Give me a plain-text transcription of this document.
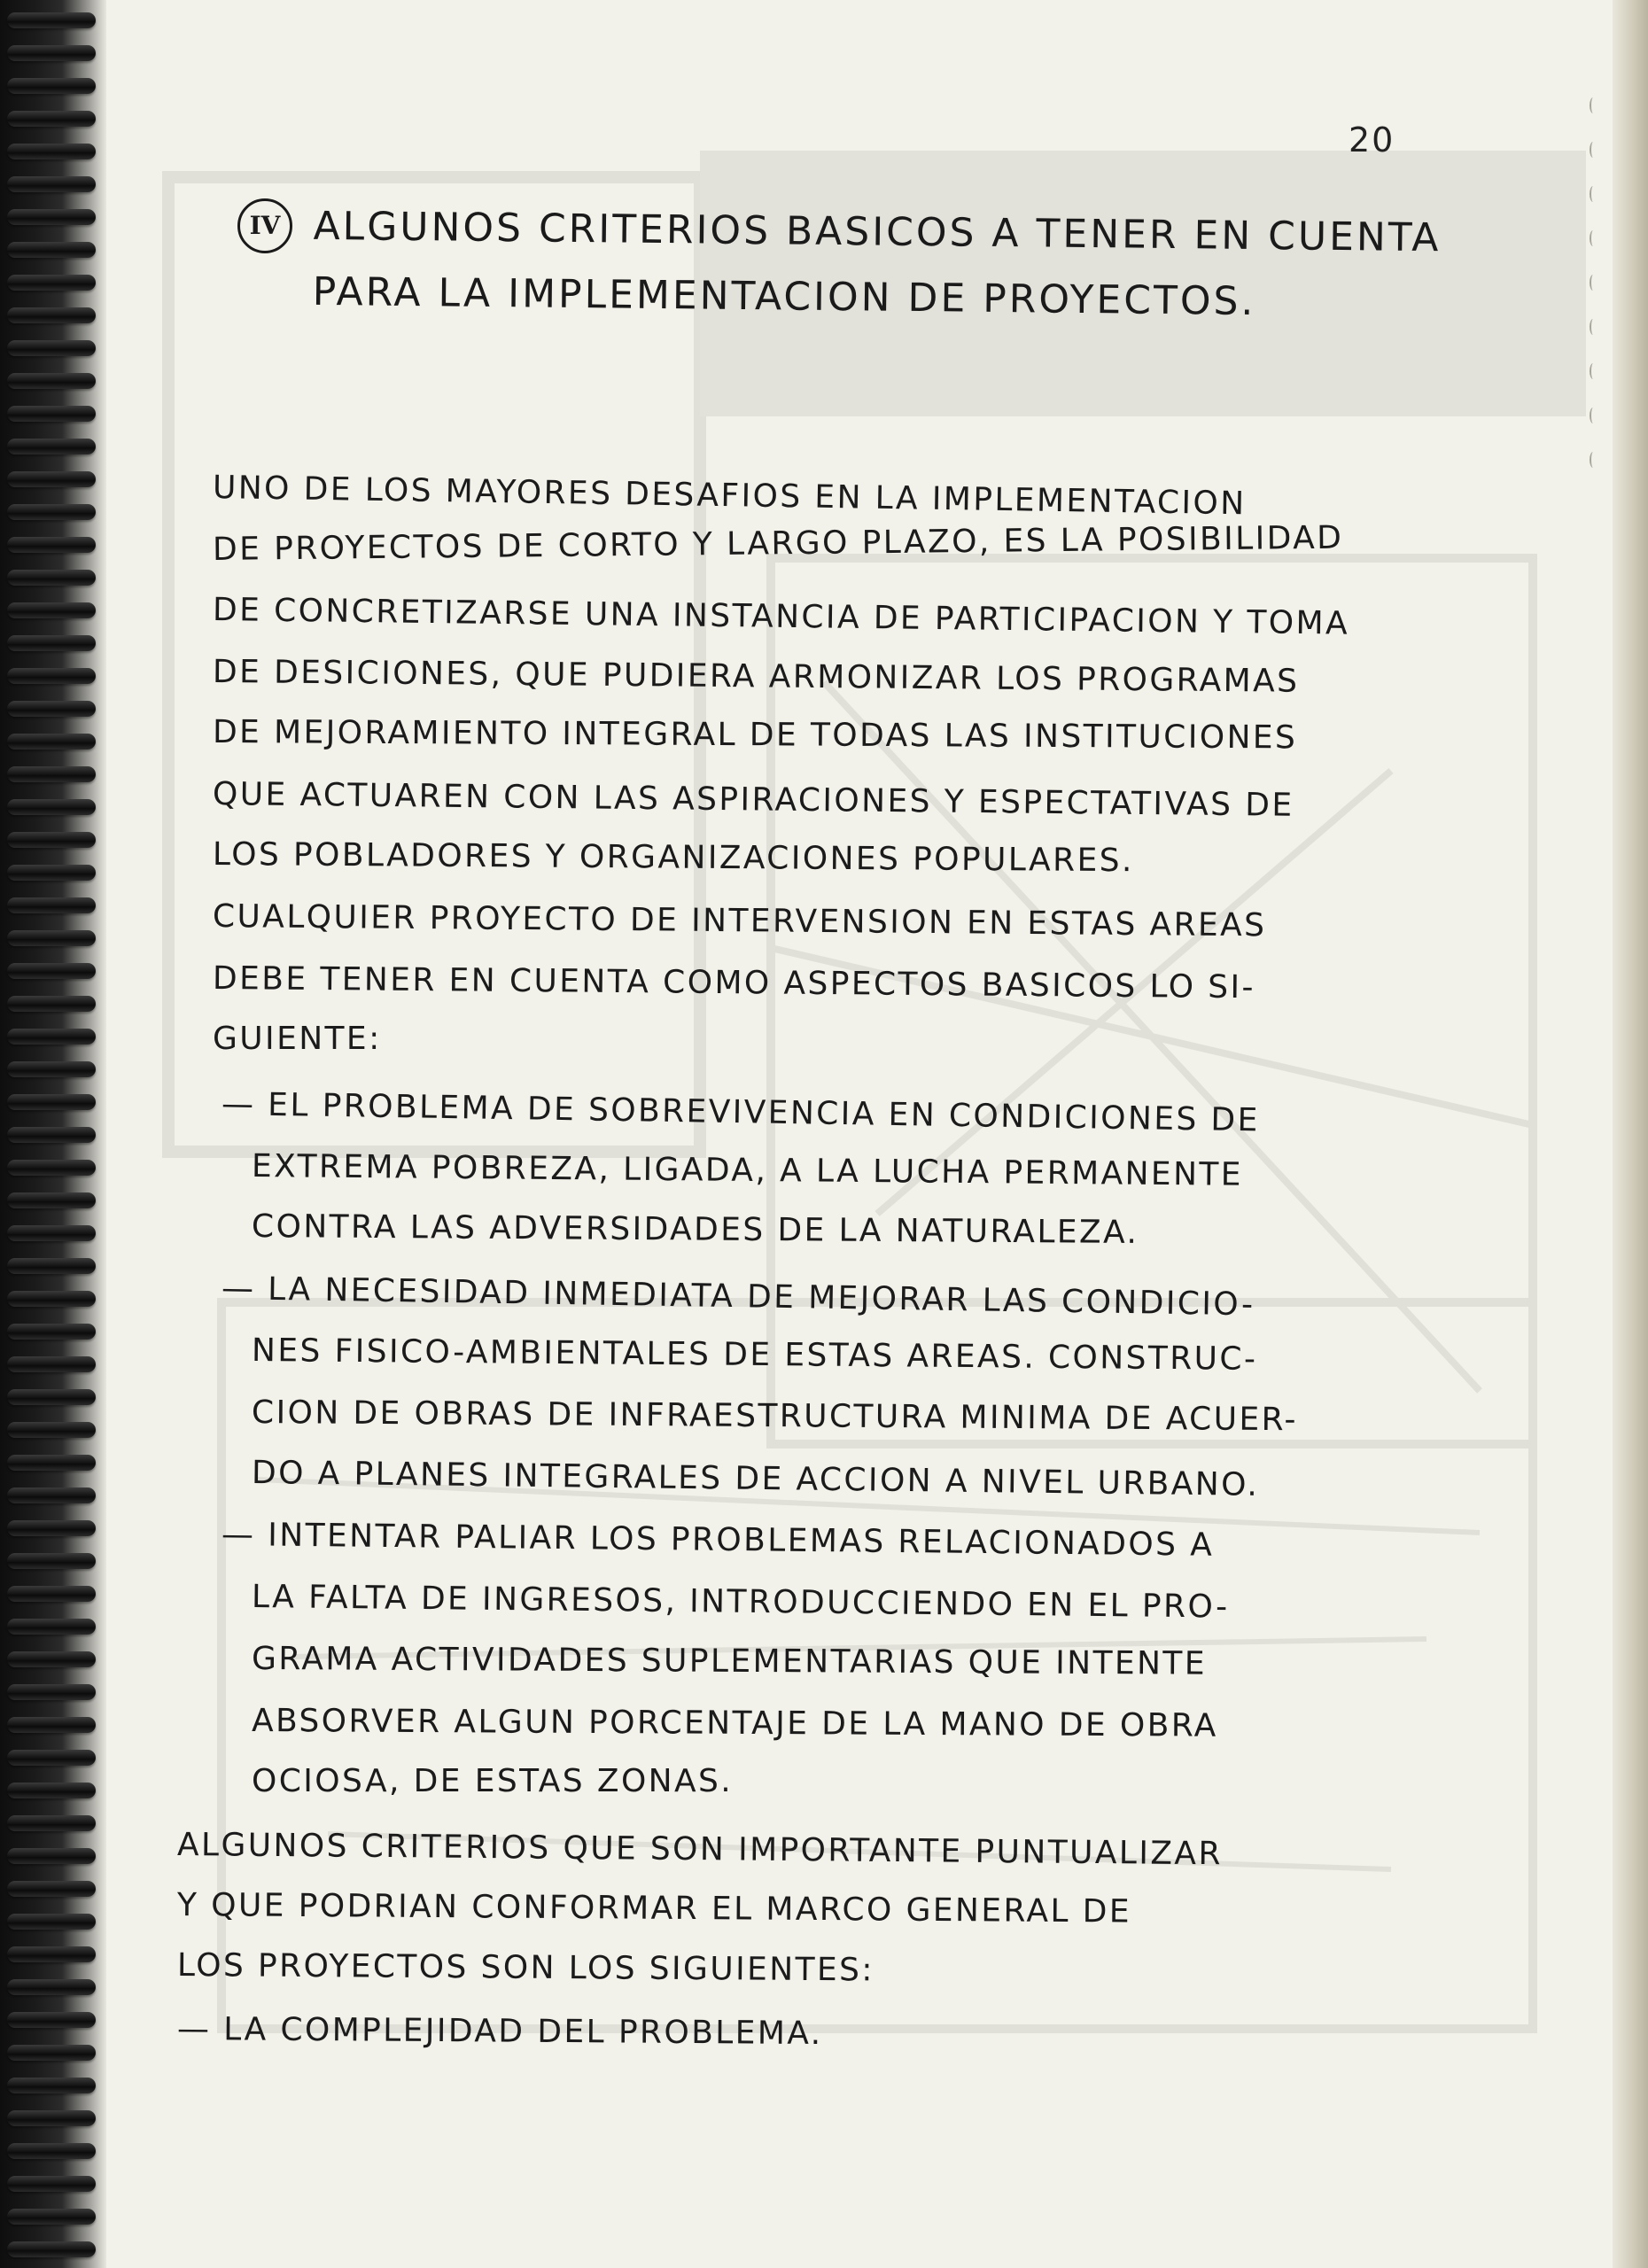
20
IV ALGUNOS CRITERIOS BASICOS A TENER EN CUENTA PARA LA IMPLEMENTACION DE PROYECTOS.
UNO DE LOS MAYORES DESAFIOS EN LA IMPLEMENTACION
DE PROYECTOS DE CORTO Y LARGO PLAZO, ES LA POSIBILIDAD
DE CONCRETIZARSE UNA INSTANCIA DE PARTICIPACION Y TOMA
DE DESICIONES, QUE PUDIERA ARMONIZAR LOS PROGRAMAS
DE MEJORAMIENTO INTEGRAL DE TODAS LAS INSTITUCIONES
QUE ACTUAREN CON LAS ASPIRACIONES Y ESPECTATIVAS DE
LOS POBLADORES Y ORGANIZACIONES POPULARES.
CUALQUIER PROYECTO DE INTERVENSION EN ESTAS AREAS
DEBE TENER EN CUENTA COMO ASPECTOS BASICOS LO SI-
GUIENTE:
— EL PROBLEMA DE SOBREVIVENCIA EN CONDICIONES DE
EXTREMA POBREZA, LIGADA, A LA LUCHA PERMANENTE
CONTRA LAS ADVERSIDADES DE LA NATURALEZA.
— LA NECESIDAD INMEDIATA DE MEJORAR LAS CONDICIO-
NES FISICO-AMBIENTALES DE ESTAS AREAS. CONSTRUC-
CION DE OBRAS DE INFRAESTRUCTURA MINIMA DE ACUER-
DO A PLANES INTEGRALES DE ACCION A NIVEL URBANO.
— INTENTAR PALIAR LOS PROBLEMAS RELACIONADOS A
LA FALTA DE INGRESOS, INTRODUCCIENDO EN EL PRO-
GRAMA ACTIVIDADES SUPLEMENTARIAS QUE INTENTE
ABSORVER ALGUN PORCENTAJE DE LA MANO DE OBRA
OCIOSA, DE ESTAS ZONAS.
ALGUNOS CRITERIOS QUE SON IMPORTANTE PUNTUALIZAR
Y QUE PODRIAN CONFORMAR EL MARCO GENERAL DE
LOS PROYECTOS SON LOS SIGUIENTES:
— LA COMPLEJIDAD DEL PROBLEMA.
